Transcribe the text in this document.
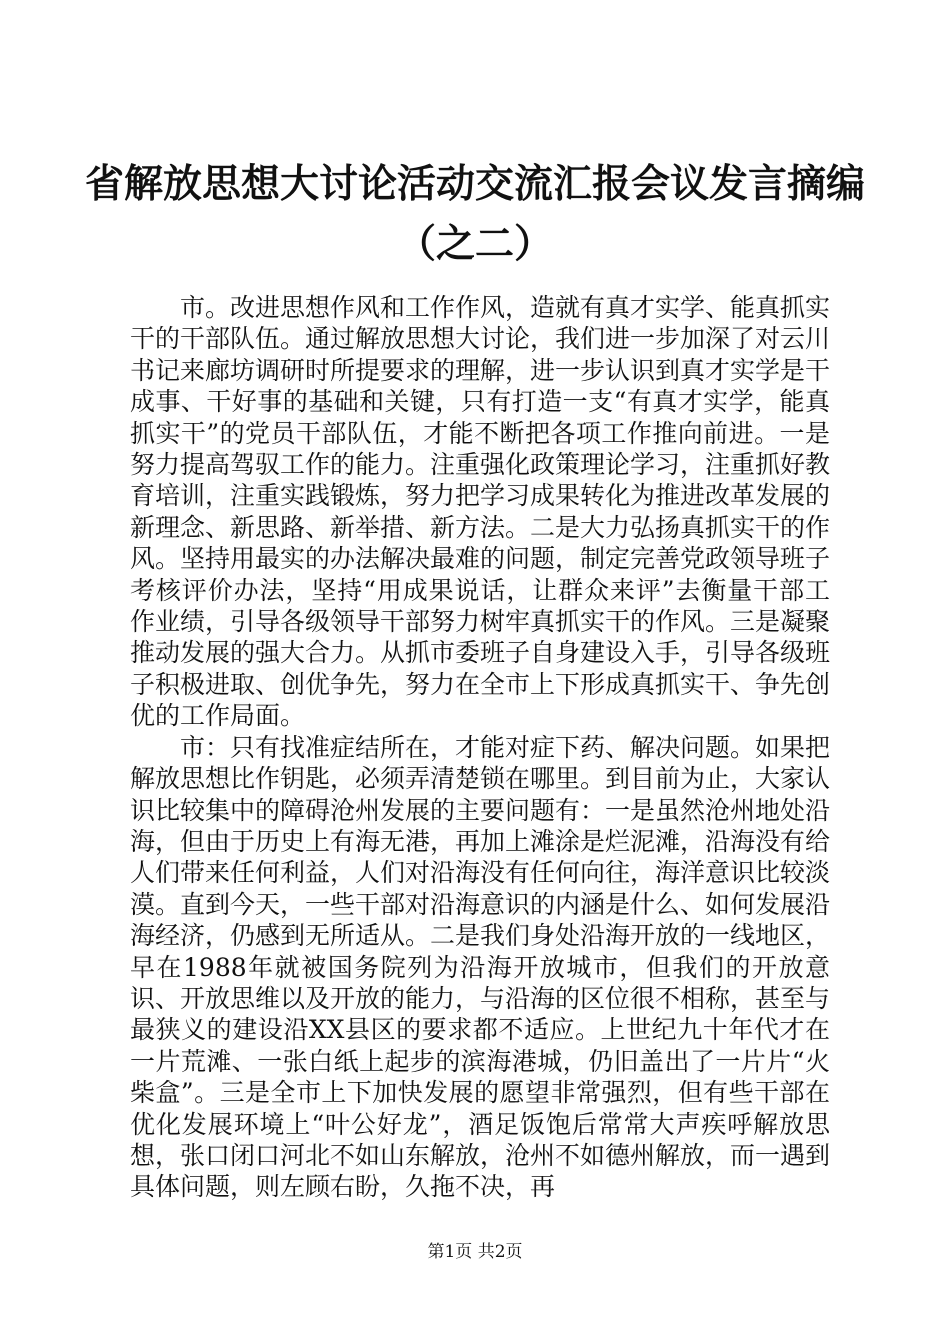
省解放思想大讨论活动交流汇报会议发言摘编
（之二）

市。改进思想作风和工作作风，造就有真才实学、能真抓实干的干部队伍。通过解放思想大讨论，我们进一步加深了对云川书记来廊坊调研时所提要求的理解，进一步认识到真才实学是干成事、干好事的基础和关键，只有打造一支“有真才实学，能真抓实干”的党员干部队伍，才能不断把各项工作推向前进。一是努力提高驾驭工作的能力。注重强化政策理论学习，注重抓好教育培训，注重实践锻炼，努力把学习成果转化为推进改革发展的新理念、新思路、新举措、新方法。二是大力弘扬真抓实干的作风。坚持用最实的办法解决最难的问题，制定完善党政领导班子考核评价办法，坚持“用成果说话，让群众来评”去衡量干部工作业绩，引导各级领导干部努力树牢真抓实干的作风。三是凝聚推动发展的强大合力。从抓市委班子自身建设入手，引导各级班子积极进取、创优争先，努力在全市上下形成真抓实干、争先创优的工作局面。

市：只有找准症结所在，才能对症下药、解决问题。如果把解放思想比作钥匙，必须弄清楚锁在哪里。到目前为止，大家认识比较集中的障碍沧州发展的主要问题有：一是虽然沧州地处沿海，但由于历史上有海无港，再加上滩涂是烂泥滩，沿海没有给人们带来任何利益，人们对沿海没有任何向往，海洋意识比较淡漠。直到今天，一些干部对沿海意识的内涵是什么、如何发展沿海经济，仍感到无所适从。二是我们身处沿海开放的一线地区，早在1988年就被国务院列为沿海开放城市，但我们的开放意识、开放思维以及开放的能力，与沿海的区位很不相称，甚至与最狭义的建设沿XX县区的要求都不适应。上世纪九十年代才在一片荒滩、一张白纸上起步的滨海港城，仍旧盖出了一片片“火柴盒”。三是全市上下加快发展的愿望非常强烈，但有些干部在优化发展环境上“叶公好龙”，酒足饭饱后常常大声疾呼解放思想，张口闭口河北不如山东解放，沧州不如德州解放，而一遇到具体问题，则左顾右盼，久拖不决，再

第1页 共2页
